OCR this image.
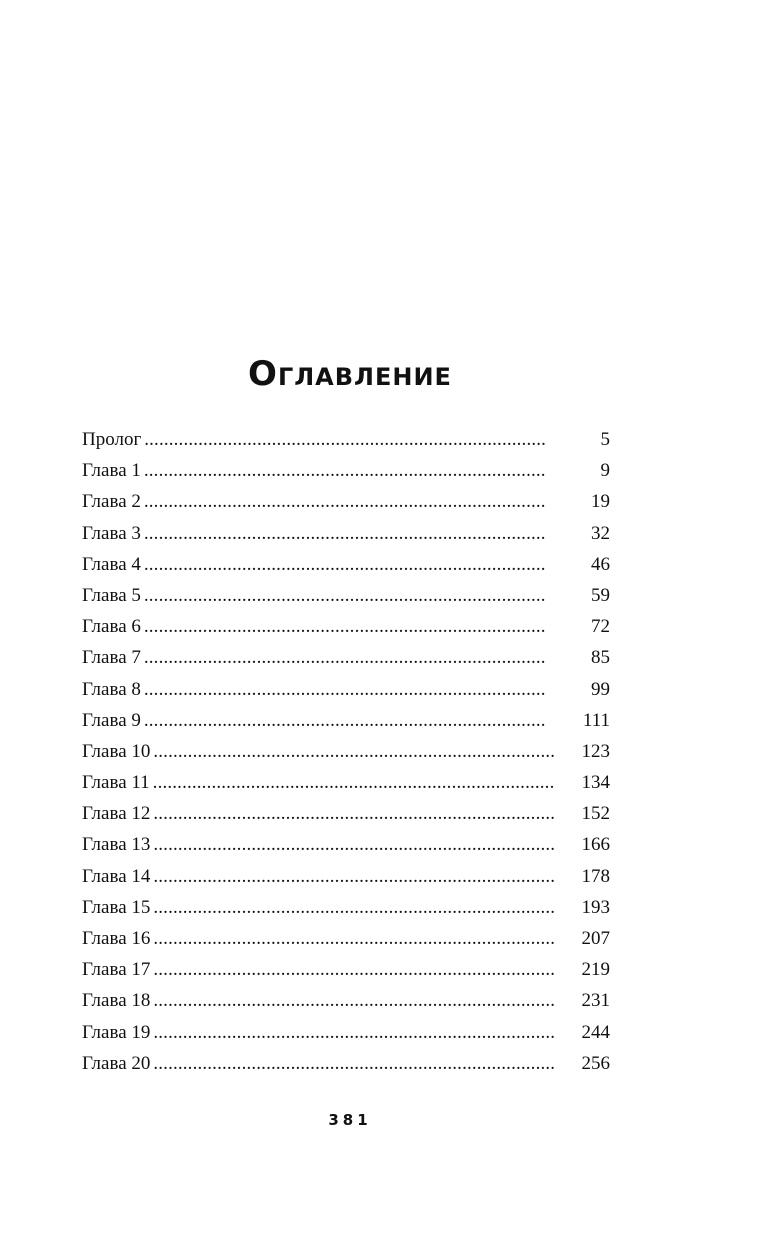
Оглавление
Пролог . . .	5
Глава 1 . . .	9
Глава 2 . . .	19
Глава 3 . . .	32
Глава 4 . . .	46
Глава 5 . . .	59
Глава 6 . . .	72
Глава 7 . . .	85
Глава 8 . . .	99
Глава 9 . . .	111
Глава 10 . . .	123
Глава 11 . . .	134
Глава 12 . . .	152
Глава 13 . . .	166
Глава 14 . . .	178
Глава 15 . . .	193
Глава 16 . . .	207
Глава 17 . . .	219
Глава 18 . . .	231
Глава 19 . . .	244
Глава 20 . . .	256
381
